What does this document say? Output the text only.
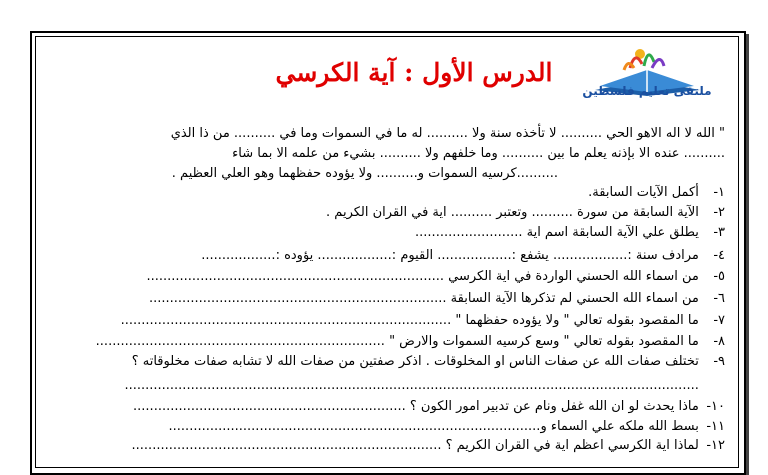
ملتقى تعليم فلسطين
الدرس الأول : آية الكرسي
" الله لا اله الاهو الحي .......... لا تأخذه سنة ولا .......... له ما في السموات وما في .......... من ذا الذي
.......... عنده الا بإذنه يعلم ما بين .......... وما خلفهم ولا .......... بشيء من علمه الا بما شاء
..........كرسيه السموات و.......... ولا يؤوده حفظهما وهو العلي العظيم .
١- أكمل الآيات السابقة.
٢- الآية السابقة من سورة .......... وتعتبر .......... اية في القران الكريم .
٣- يطلق علي الآية السابقة اسم اية ..........................
٤- مرادف سنة :.................. يشفع :.................. القيوم :.................. يؤوده :..................
٥- من اسماء الله الحسني الواردة في اية الكرسي ........................................................................
٦- من اسماء الله الحسني لم تذكرها الآية السابقة ........................................................................
٧- ما المقصود بقوله تعالي " ولا يؤوده حفظهما " ................................................................................
٨- ما المقصود بقوله تعالي " وسع كرسيه السموات والارض " ......................................................................
٩- تختلف صفات الله عن صفات الناس او المخلوقات . اذكر صفتين من صفات الله لا تشابه صفات مخلوقاته ؟
...........................................................................................................................................
١٠- ماذا يحدث لو ان الله غفل ونام عن تدبير امور الكون ؟ ..................................................................
١١- بسط الله ملكه علي السماء و..........................................................................................
١٢- لماذا اية الكرسي اعظم اية في القران الكريم ؟ ...........................................................................
